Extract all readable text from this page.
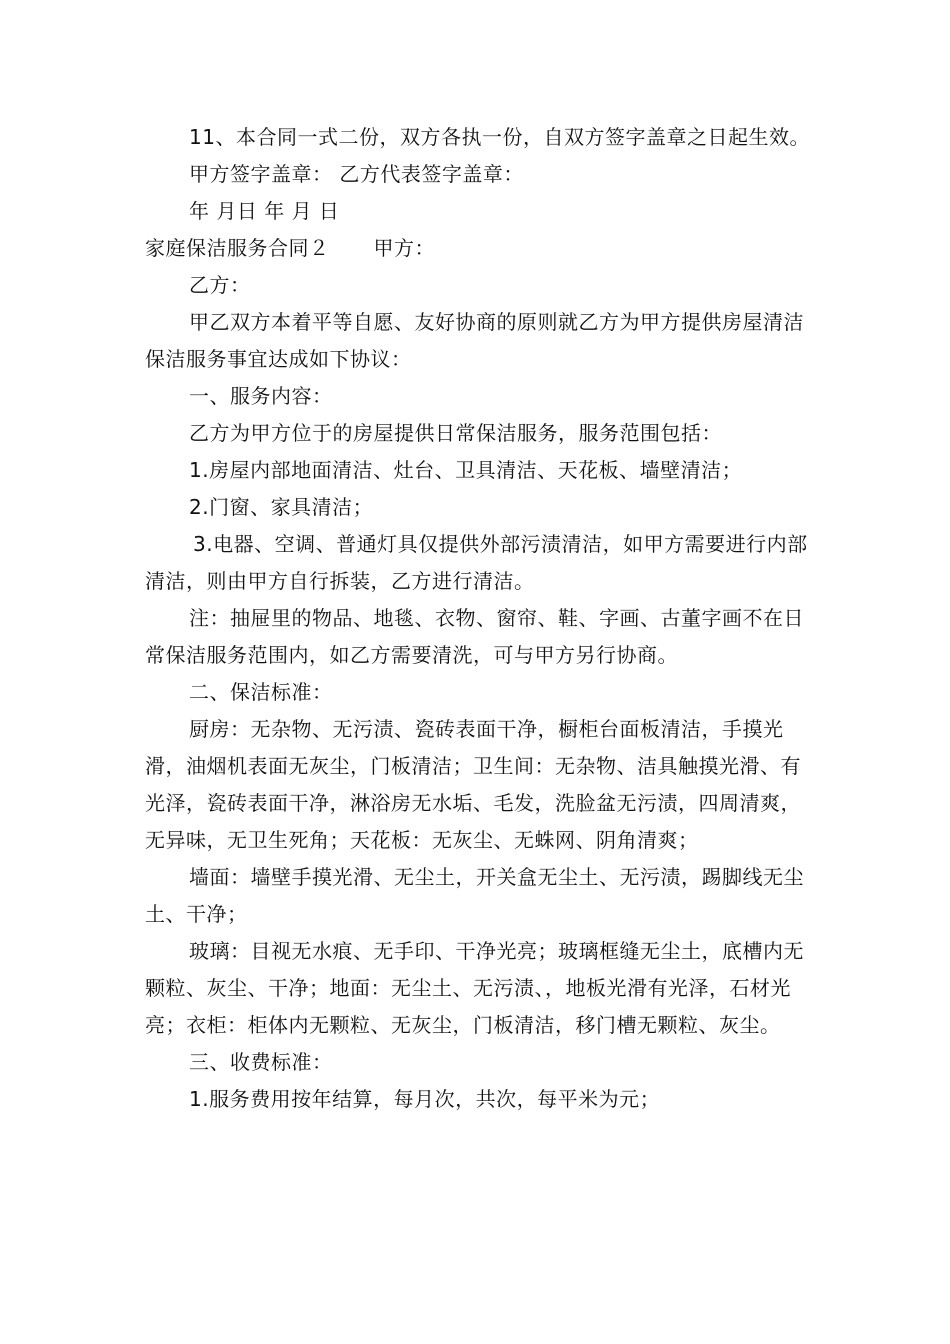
11、本合同一式二份，双方各执一份，自双方签字盖章之日起生效。

甲方签字盖章： 乙方代表签字盖章：

年 月日 年 月 日

家庭保洁服务合同２ 甲方：

乙方：

甲乙双方本着平等自愿、友好协商的原则就乙方为甲方提供房屋清洁保洁服务事宜达成如下协议：

一、服务内容：

乙方为甲方位于的房屋提供日常保洁服务，服务范围包括：

1.房屋内部地面清洁、灶台、卫具清洁、天花板、墙壁清洁；

2.门窗、家具清洁；

3.电器、空调、普通灯具仅提供外部污渍清洁，如甲方需要进行内部清洁，则由甲方自行拆装，乙方进行清洁。

注：抽屉里的物品、地毯、衣物、窗帘、鞋、字画、古董字画不在日常保洁服务范围内，如乙方需要清洗，可与甲方另行协商。

二、保洁标准：

厨房：无杂物、无污渍、瓷砖表面干净，橱柜台面板清洁，手摸光滑，油烟机表面无灰尘，门板清洁；卫生间：无杂物、洁具触摸光滑、有光泽，瓷砖表面干净，淋浴房无水垢、毛发，洗脸盆无污渍，四周清爽，无异味，无卫生死角；天花板：无灰尘、无蛛网、阴角清爽；

墙面：墙壁手摸光滑、无尘土，开关盒无尘土、无污渍，踢脚线无尘土、干净；

玻璃：目视无水痕、无手印、干净光亮；玻璃框缝无尘土，底槽内无颗粒、灰尘、干净；地面：无尘土、无污渍、，地板光滑有光泽，石材光亮；衣柜：柜体内无颗粒、无灰尘，门板清洁，移门槽无颗粒、灰尘。

三、收费标准：

1.服务费用按年结算，每月次，共次，每平米为元；
